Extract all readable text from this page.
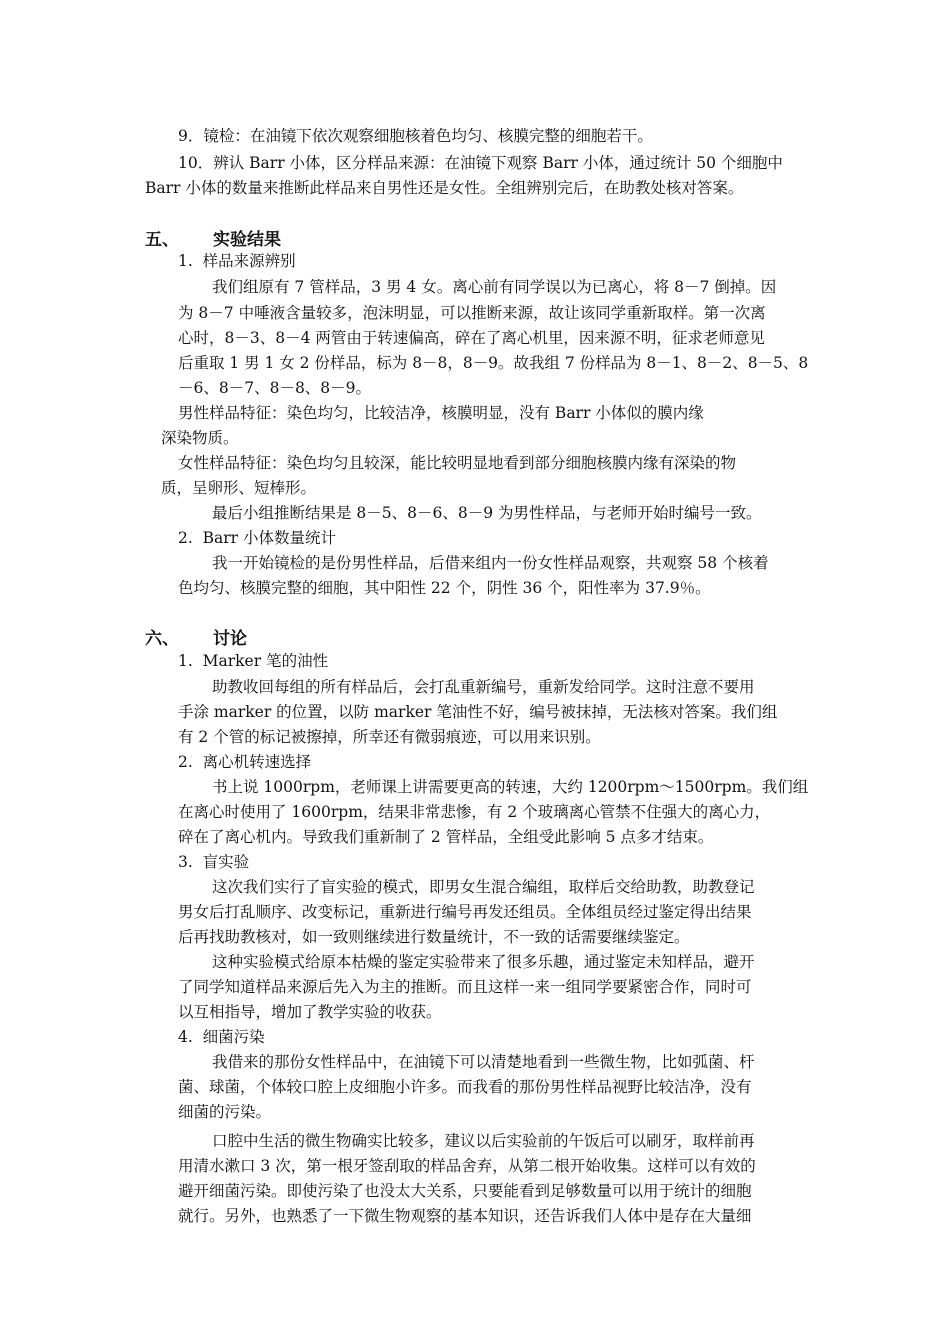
9．镜检：在油镜下依次观察细胞核着色均匀、核膜完整的细胞若干。
10．辨认 Barr 小体，区分样品来源：在油镜下观察 Barr 小体，通过统计 50 个细胞中
Barr 小体的数量来推断此样品来自男性还是女性。全组辨别完后，在助教处核对答案。
五、 实验结果
1.  样品来源辨别
我们组原有 7 管样品，3 男 4 女。离心前有同学误以为已离心，将 8－7 倒掉。因
为 8－7 中唾液含量较多，泡沫明显，可以推断来源，故让该同学重新取样。第一次离
心时，8－3、8－4 两管由于转速偏高，碎在了离心机里，因来源不明，征求老师意见
后重取 1 男 1 女 2 份样品，标为 8－8，8－9。故我组 7 份样品为 8－1、8－2、8－5、8
－6、8－7、8－8、8－9。
男性样品特征：染色均匀，比较洁净，核膜明显，没有 Barr 小体似的膜内缘
深染物质。
女性样品特征：染色均匀且较深，能比较明显地看到部分细胞核膜内缘有深染的物
质，呈卵形、短棒形。
最后小组推断结果是 8－5、8－6、8－9 为男性样品，与老师开始时编号一致。
2.  Barr 小体数量统计
我一开始镜检的是份男性样品，后借来组内一份女性样品观察，共观察 58 个核着
色均匀、核膜完整的细胞，其中阳性 22 个，阴性 36 个，阳性率为 37.9％。
六、 讨论
1.  Marker 笔的油性
助教收回每组的所有样品后，会打乱重新编号，重新发给同学。这时注意不要用
手涂 marker 的位置，以防 marker 笔油性不好，编号被抹掉，无法核对答案。我们组
有 2 个管的标记被擦掉，所幸还有微弱痕迹，可以用来识别。
2.  离心机转速选择
书上说 1000rpm，老师课上讲需要更高的转速，大约 1200rpm～1500rpm。我们组
在离心时使用了 1600rpm，结果非常悲惨，有 2 个玻璃离心管禁不住强大的离心力，
碎在了离心机内。导致我们重新制了 2 管样品，全组受此影响 5 点多才结束。
3.  盲实验
这次我们实行了盲实验的模式，即男女生混合编组，取样后交给助教，助教登记
男女后打乱顺序、改变标记，重新进行编号再发还组员。全体组员经过鉴定得出结果
后再找助教核对，如一致则继续进行数量统计，不一致的话需要继续鉴定。
这种实验模式给原本枯燥的鉴定实验带来了很多乐趣，通过鉴定未知样品，避开
了同学知道样品来源后先入为主的推断。而且这样一来一组同学要紧密合作，同时可
以互相指导，增加了教学实验的收获。
4.  细菌污染
我借来的那份女性样品中，在油镜下可以清楚地看到一些微生物，比如弧菌、杆
菌、球菌，个体较口腔上皮细胞小许多。而我看的那份男性样品视野比较洁净，没有
细菌的污染。
口腔中生活的微生物确实比较多，建议以后实验前的午饭后可以刷牙，取样前再
用清水漱口 3 次，第一根牙签刮取的样品舍弃，从第二根开始收集。这样可以有效的
避开细菌污染。即使污染了也没太大关系，只要能看到足够数量可以用于统计的细胞
就行。另外，也熟悉了一下微生物观察的基本知识，还告诉我们人体中是存在大量细
